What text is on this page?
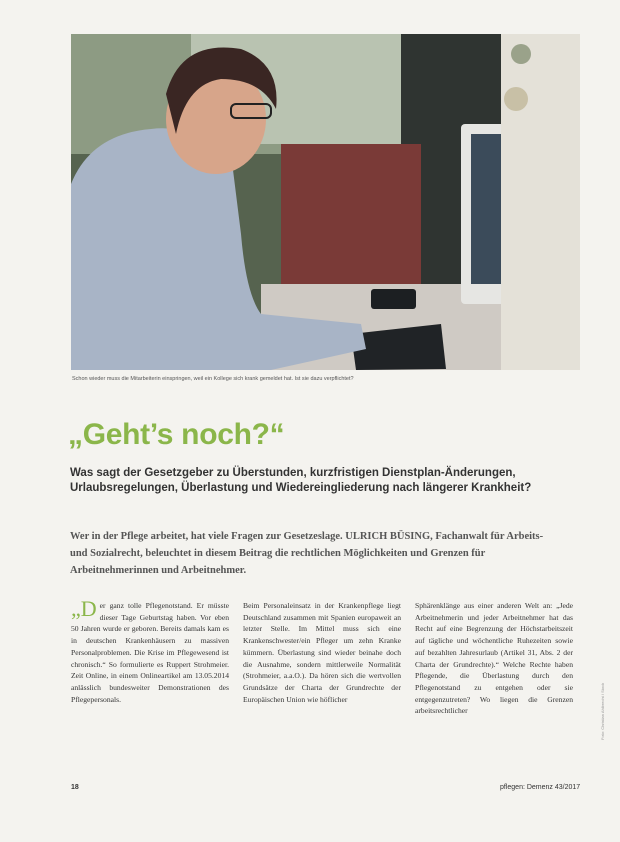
Schon wieder muss die Mitarbeiterin einspringen, weil ein Kollege sich krank gemeldet hat. Ist sie dazu verpflichtet?
Foto: Christian Ahlbrecht / Stock
„Geht’s noch?“
Was sagt der Gesetzgeber zu Überstunden, kurzfristigen Dienstplan-Änderungen, Urlaubsregelungen, Überlastung und Wiedereingliederung nach längerer Krankheit?
Wer in der Pflege arbeitet, hat viele Fragen zur Gesetzeslage. ULRICH BÜSING, Fachanwalt für Arbeits- und Sozialrecht, beleuchtet in diesem Beitrag die rechtlichen Möglichkeiten und Grenzen für Arbeitnehmerinnen und Arbeitnehmer.
„Der ganz tolle Pflegenotstand. Er müsste dieser Tage Geburtstag haben. Vor eben 50 Jahren wurde er geboren. Bereits damals kam es in deutschen Krankenhäusern zu massiven Personalproblemen. Die Krise im Pflegewesend ist chronisch.“ So formulierte es Ruppert Strohmeier. Zeit Online, in einem Onlineartikel am 13.05.2014 anlässlich bundesweiter Demonstrationen des Pflegepersonals.
Beim Personaleinsatz in der Krankenpflege liegt Deutschland zusammen mit Spanien europaweit an letzter Stelle. Im Mittel muss sich eine Krankenschwester/ein Pfleger um zehn Kranke kümmern. Überlastung sind wieder beinahe doch die Ausnahme, sondern mittlerweile Normalität (Strohmeier, a.a.O.). Da hören sich die wertvollen Grundsätze der Charta der Grundrechte der Europäischen Union wie höflicher
Sphärenklänge aus einer anderen Welt an: „Jede Arbeitnehmerin und jeder Arbeitnehmer hat das Recht auf eine Begrenzung der Höchstarbeitszeit auf tägliche und wöchentliche Ruhezeiten sowie auf bezahlten Jahresurlaub (Artikel 31, Abs. 2 der Charta der Grundrechte).“ Welche Rechte haben Pflegende, die Überlastung durch den Pflegenotstand zu entgehen oder sie entgegenzutreten? Wo liegen die Grenzen arbeitsrechtlicher
18	pflegen: Demenz 43/2017
